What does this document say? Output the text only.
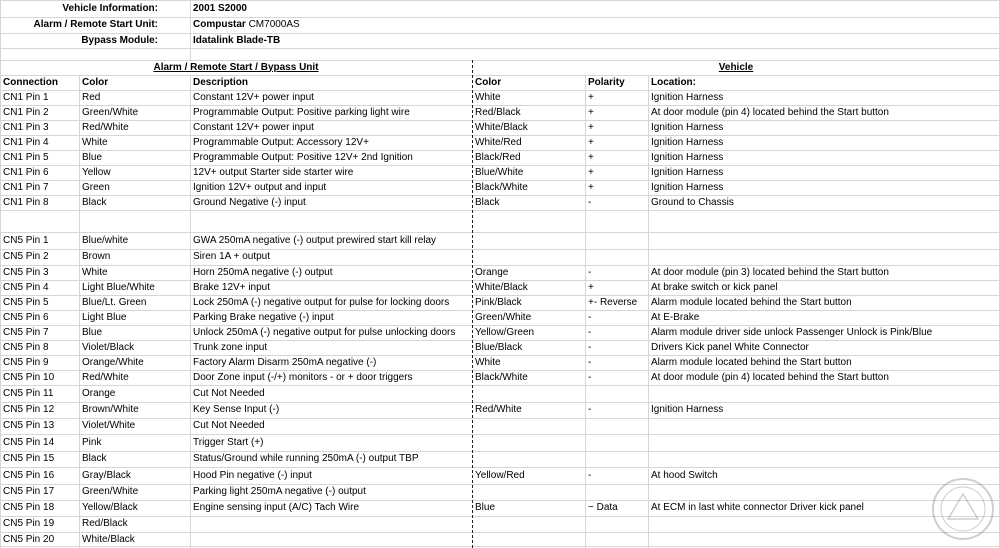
Vehicle Information:	2001 S2000
Alarm / Remote Start Unit:	Compustar CM7000AS
Bypass Module:	Idatalink Blade-TB
Alarm / Remote Start / Bypass Unit	Vehicle
Connection	Color	Description	Color	Polarity	Location:
CN1 Pin 1	Red	Constant 12V+ power input	White	+	Ignition Harness
CN1 Pin 2	Green/White	Programmable Output: Positive parking light wire	Red/Black	+	At door module (pin 4) located behind the Start button
CN1 Pin 3	Red/White	Constant 12V+ power input	White/Black	+	Ignition Harness
CN1 Pin 4	White	Programmable Output: Accessory 12V+	White/Red	+	Ignition Harness
CN1 Pin 5	Blue	Programmable Output: Positive 12V+ 2nd Ignition	Black/Red	+	Ignition Harness
CN1 Pin 6	Yellow	12V+ output Starter side starter wire	Blue/White	+	Ignition Harness
CN1 Pin 7	Green	Ignition 12V+ output and input	Black/White	+	Ignition Harness
CN1 Pin 8	Black	Ground Negative (-) input	Black	-	Ground to Chassis
CN5 Pin 1	Blue/white	GWA 250mA negative (-) output prewired start kill relay
CN5 Pin 2	Brown	Siren 1A + output
CN5 Pin 3	White	Horn 250mA negative (-) output	Orange	-	At door module (pin 3) located behind the Start button
CN5 Pin 4	Light Blue/White	Brake 12V+ input	White/Black	+	At brake switch or kick panel
CN5 Pin 5	Blue/Lt. Green	Lock 250mA (-) negative output for pulse for locking doors	Pink/Black	+- Reverse	Alarm module located behind the Start button
CN5 Pin 6	Light Blue	Parking Brake negative (-) input	Green/White	-	At E-Brake
CN5 Pin 7	Blue	Unlock 250mA (-) negative output for pulse unlocking doors	Yellow/Green	-	Alarm module driver side unlock Passenger Unlock is Pink/Blue
CN5 Pin 8	Violet/Black	Trunk zone input	Blue/Black	-	Drivers Kick panel White Connector
CN5 Pin 9	Orange/White	Factory Alarm Disarm 250mA negative (-)	White	-	Alarm module located behind the Start button
CN5 Pin 10	Red/White	Door Zone input (-/+) monitors - or + door triggers	Black/White	-	At door module (pin 4) located behind the Start button
CN5 Pin 11	Orange	Cut Not Needed
CN5 Pin 12	Brown/White	Key Sense Input (-)	Red/White	-	Ignition Harness
CN5 Pin 13	Violet/White	Cut Not Needed
CN5 Pin 14	Pink	Trigger Start (+)
CN5 Pin 15	Black	Status/Ground while running 250mA (-) output TBP
CN5 Pin 16	Gray/Black	Hood Pin negative (-) input	Yellow/Red	-	At hood Switch
CN5 Pin 17	Green/White	Parking light 250mA negative (-) output
CN5 Pin 18	Yellow/Black	Engine sensing input (A/C) Tach Wire	Blue	~ Data	At ECM in last white connector Driver kick panel
CN5 Pin 19	Red/Black
CN5 Pin 20	White/Black
